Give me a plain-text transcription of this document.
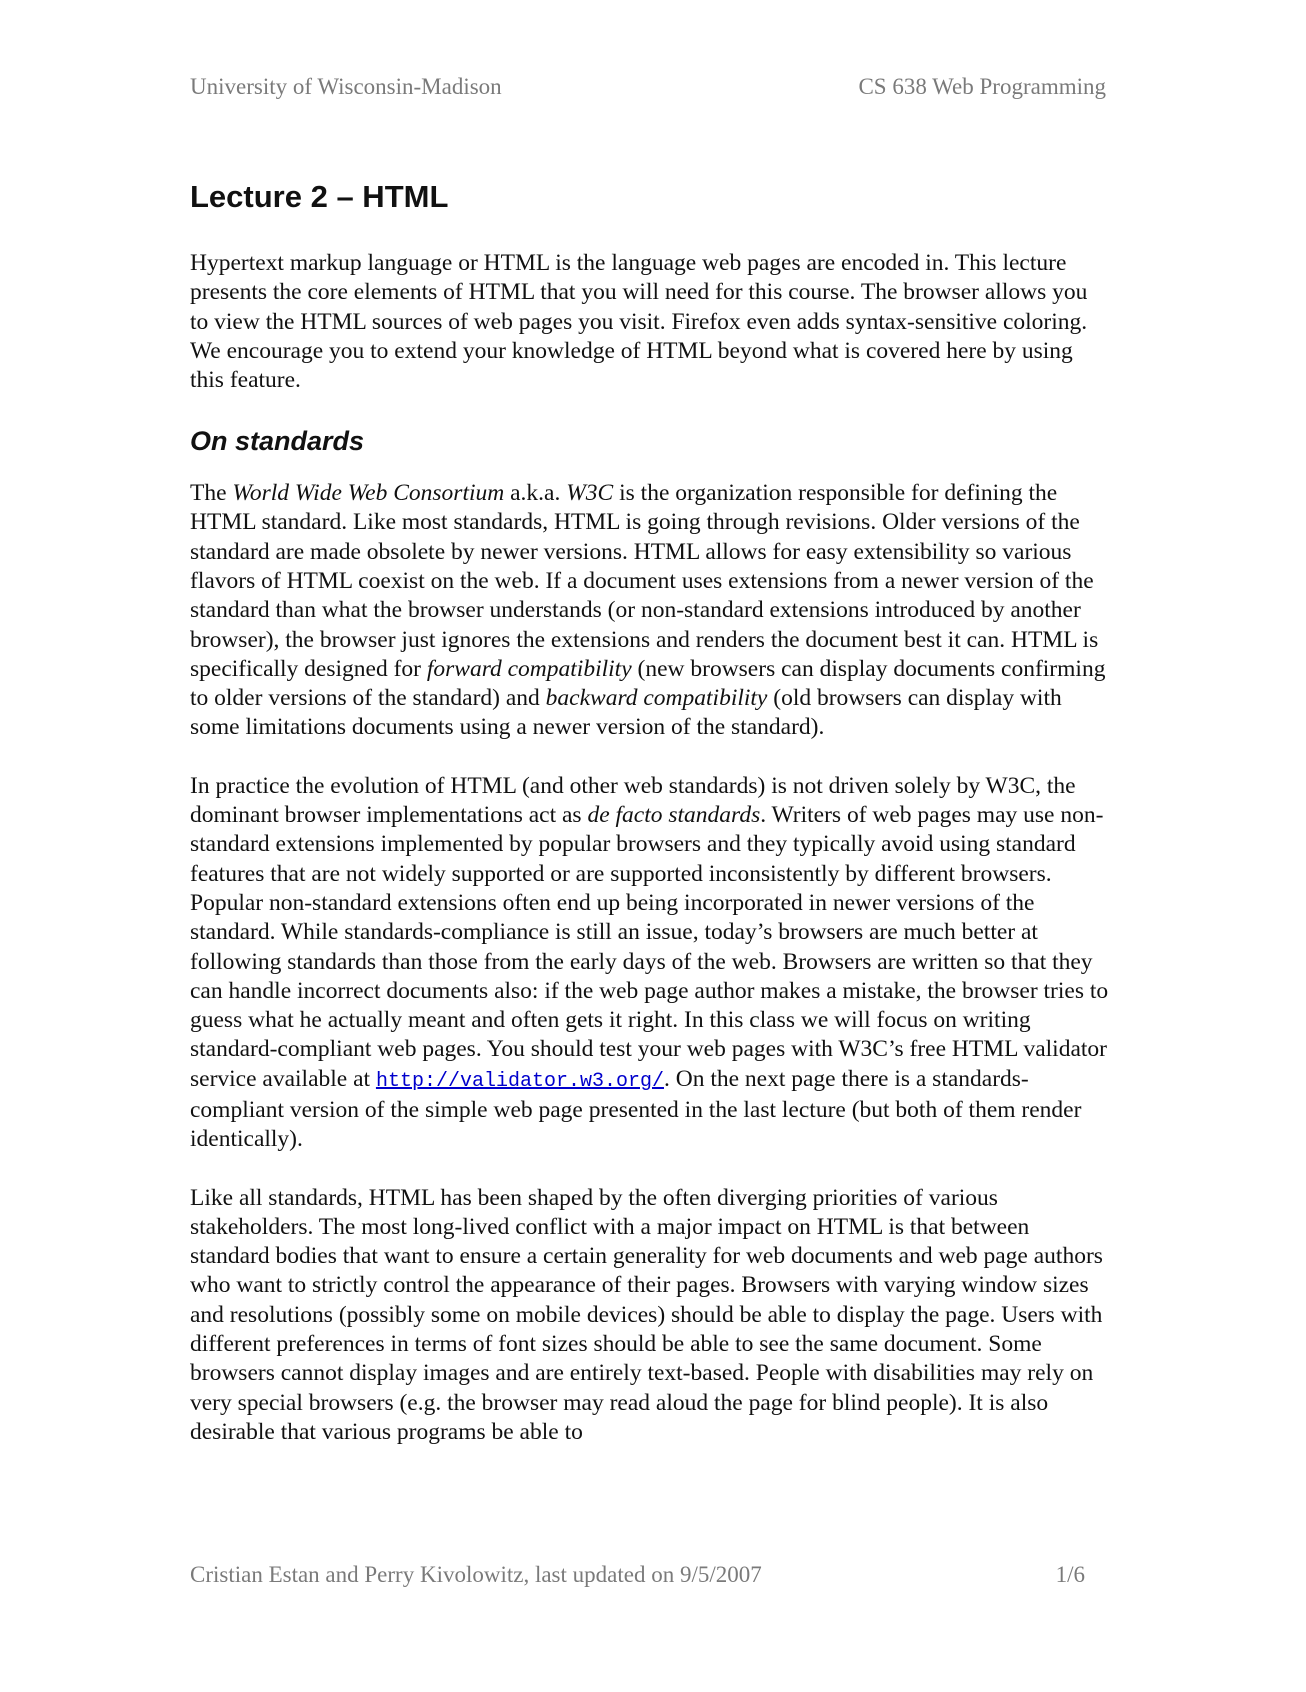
University of Wisconsin-Madison	CS 638 Web Programming
Lecture 2 – HTML

Hypertext markup language or HTML is the language web pages are encoded in. This lecture presents the core elements of HTML that you will need for this course. The browser allows you to view the HTML sources of web pages you visit. Firefox even adds syntax-sensitive coloring. We encourage you to extend your knowledge of HTML beyond what is covered here by using this feature.

On standards

The World Wide Web Consortium a.k.a. W3C is the organization responsible for defining the HTML standard. Like most standards, HTML is going through revisions. Older versions of the standard are made obsolete by newer versions. HTML allows for easy extensibility so various flavors of HTML coexist on the web. If a document uses extensions from a newer version of the standard than what the browser understands (or non-standard extensions introduced by another browser), the browser just ignores the extensions and renders the document best it can. HTML is specifically designed for forward compatibility (new browsers can display documents confirming to older versions of the standard) and backward compatibility (old browsers can display with some limitations documents using a newer version of the standard).

In practice the evolution of HTML (and other web standards) is not driven solely by W3C, the dominant browser implementations act as de facto standards. Writers of web pages may use non-standard extensions implemented by popular browsers and they typically avoid using standard features that are not widely supported or are supported inconsistently by different browsers. Popular non-standard extensions often end up being incorporated in newer versions of the standard. While standards-compliance is still an issue, today’s browsers are much better at following standards than those from the early days of the web. Browsers are written so that they can handle incorrect documents also: if the web page author makes a mistake, the browser tries to guess what he actually meant and often gets it right. In this class we will focus on writing standard-compliant web pages. You should test your web pages with W3C’s free HTML validator service available at http://validator.w3.org/. On the next page there is a standards-compliant version of the simple web page presented in the last lecture (but both of them render identically).

Like all standards, HTML has been shaped by the often diverging priorities of various stakeholders. The most long-lived conflict with a major impact on HTML is that between standard bodies that want to ensure a certain generality for web documents and web page authors who want to strictly control the appearance of their pages. Browsers with varying window sizes and resolutions (possibly some on mobile devices) should be able to display the page. Users with different preferences in terms of font sizes should be able to see the same document. Some browsers cannot display images and are entirely text-based. People with disabilities may rely on very special browsers (e.g. the browser may read aloud the page for blind people). It is also desirable that various programs be able to

Cristian Estan and Perry Kivolowitz, last updated on 9/5/2007	1/6
